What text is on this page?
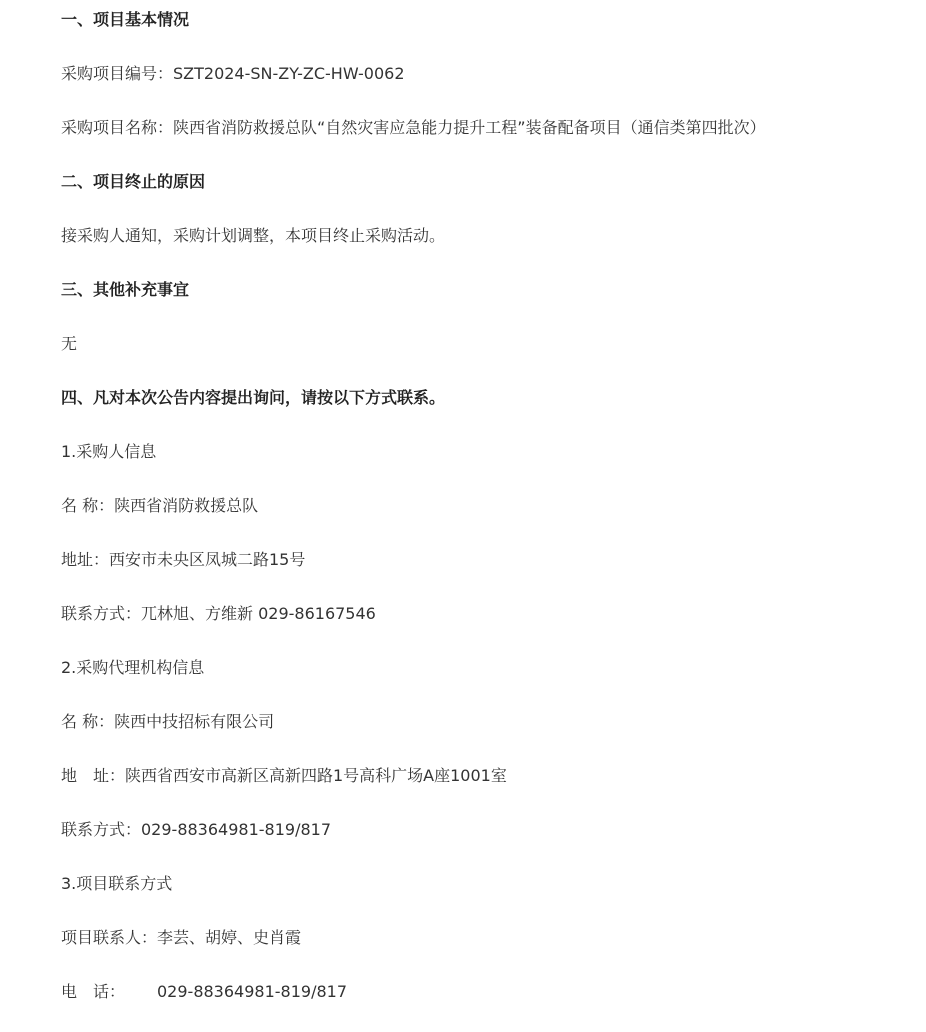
一、项目基本情况
采购项目编号：SZT2024-SN-ZY-ZC-HW-0062
采购项目名称：陕西省消防救援总队“自然灾害应急能力提升工程”装备配备项目（通信类第四批次）
二、项目终止的原因
接采购人通知，采购计划调整，本项目终止采购活动。
三、其他补充事宜
无
四、凡对本次公告内容提出询问，请按以下方式联系。
1.采购人信息
名 称：陕西省消防救援总队
地址：西安市未央区凤城二路15号
联系方式：兀林旭、方维新 029-86167546
2.采购代理机构信息
名 称：陕西中技招标有限公司
地　址：陕西省西安市高新区高新四路1号高科广场A座1001室
联系方式：029-88364981-819/817
3.项目联系方式
项目联系人：李芸、胡婷、史肖霞
电　话： 029-88364981-819/817
